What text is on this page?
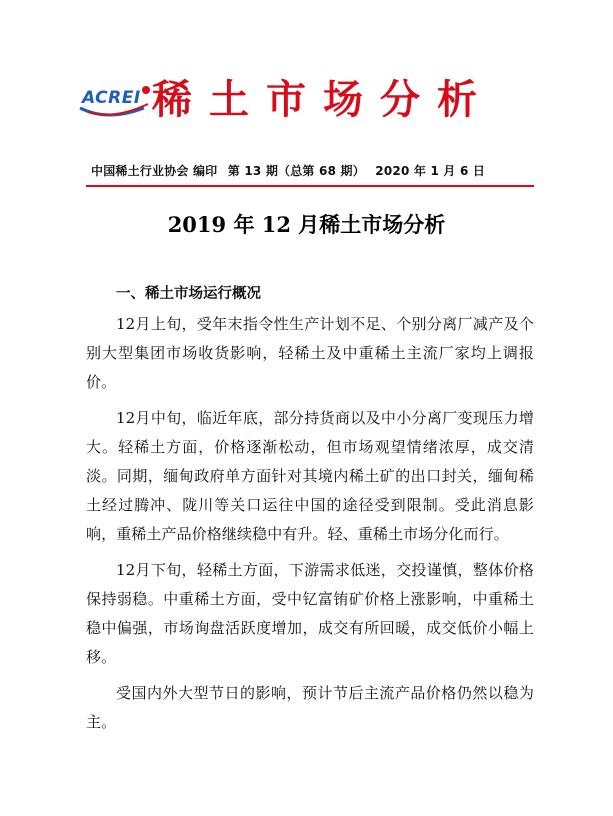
ACREI 稀土市场分析
中国稀土行业协会 编印 第 13 期（总第 68 期） 2020 年 1 月 6 日
2019 年 12 月稀土市场分析
一、稀土市场运行概况

12月上旬，受年末指令性生产计划不足、个别分离厂减产及个别大型集团市场收货影响，轻稀土及中重稀土主流厂家均上调报价。

12月中旬，临近年底，部分持货商以及中小分离厂变现压力增大。轻稀土方面，价格逐渐松动，但市场观望情绪浓厚，成交清淡。同期，缅甸政府单方面针对其境内稀土矿的出口封关，缅甸稀土经过腾冲、陇川等关口运往中国的途径受到限制。受此消息影响，重稀土产品价格继续稳中有升。轻、重稀土市场分化而行。

12月下旬，轻稀土方面，下游需求低迷，交投谨慎，整体价格保持弱稳。中重稀土方面，受中钇富铕矿价格上涨影响，中重稀土稳中偏强，市场询盘活跃度增加，成交有所回暖，成交低价小幅上移。

受国内外大型节日的影响，预计节后主流产品价格仍然以稳为主。
